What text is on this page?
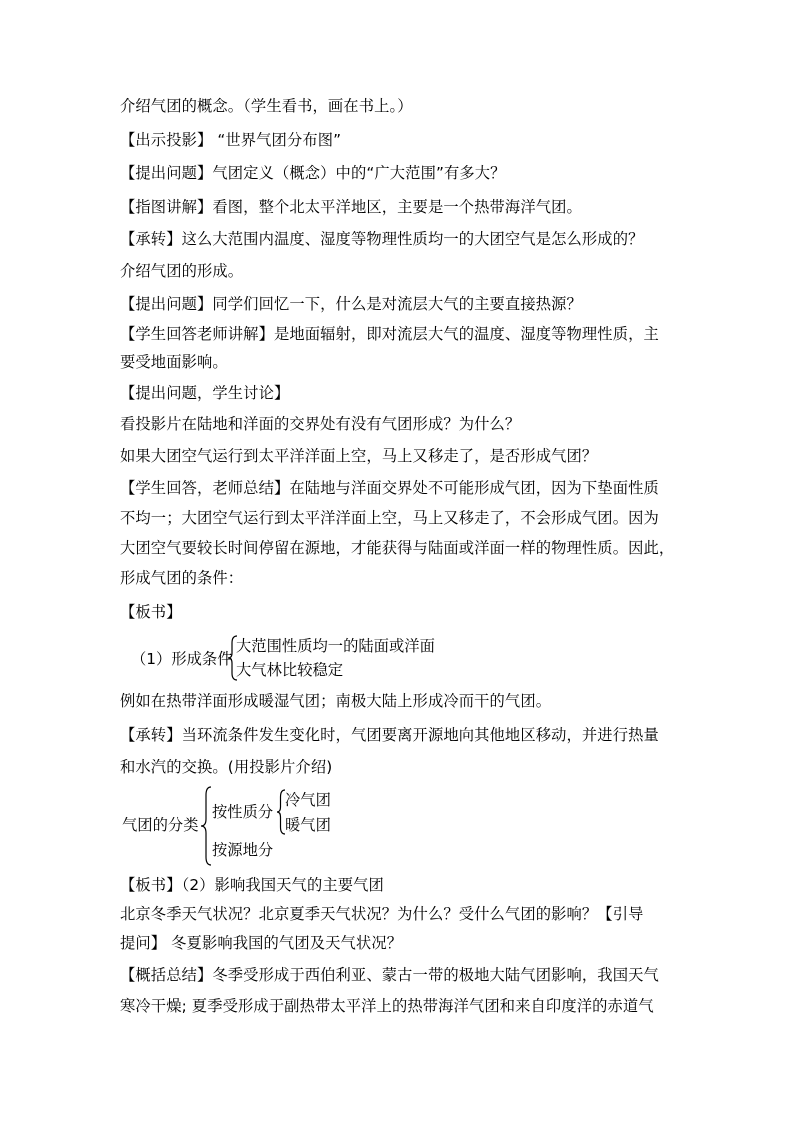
介绍气团的概念。（学生看书，画在书上。）
【出示投影】 “世界气团分布图”
【提出问题】气团定义（概念）中的“广大范围”有多大？
【指图讲解】看图，整个北太平洋地区，主要是一个热带海洋气团。
【承转】这么大范围内温度、湿度等物理性质均一的大团空气是怎么形成的？
介绍气团的形成。
【提出问题】同学们回忆一下，什么是对流层大气的主要直接热源？
【学生回答老师讲解】是地面辐射，即对流层大气的温度、湿度等物理性质，主
要受地面影响。
【提出问题，学生讨论】
看投影片在陆地和洋面的交界处有没有气团形成？为什么？
如果大团空气运行到太平洋洋面上空，马上又移走了，是否形成气团？
【学生回答，老师总结】在陆地与洋面交界处不可能形成气团，因为下垫面性质
不均一；大团空气运行到太平洋洋面上空，马上又移走了，不会形成气团。因为
大团空气要较长时间停留在源地，才能获得与陆面或洋面一样的物理性质。因此，
形成气团的条件：
【板书】
（1）形成条件
大范围性质均一的陆面或洋面
大气林比较稳定
例如在热带洋面形成暖湿气团；南极大陆上形成冷而干的气团。
【承转】当环流条件发生变化时，气团要离开源地向其他地区移动，并进行热量
和水汽的交换。(用投影片介绍)
气团的分类
按性质分
冷气团
暖气团
按源地分
【板书】（2）影响我国天气的主要气团
北京冬季天气状况？北京夏季天气状况？为什么？受什么气团的影响？【引导
提问】 冬夏影响我国的气团及天气状况？
【概括总结】冬季受形成于西伯利亚、蒙古一带的极地大陆气团影响，我国天气
寒冷干燥; 夏季受形成于副热带太平洋上的热带海洋气团和来自印度洋的赤道气
